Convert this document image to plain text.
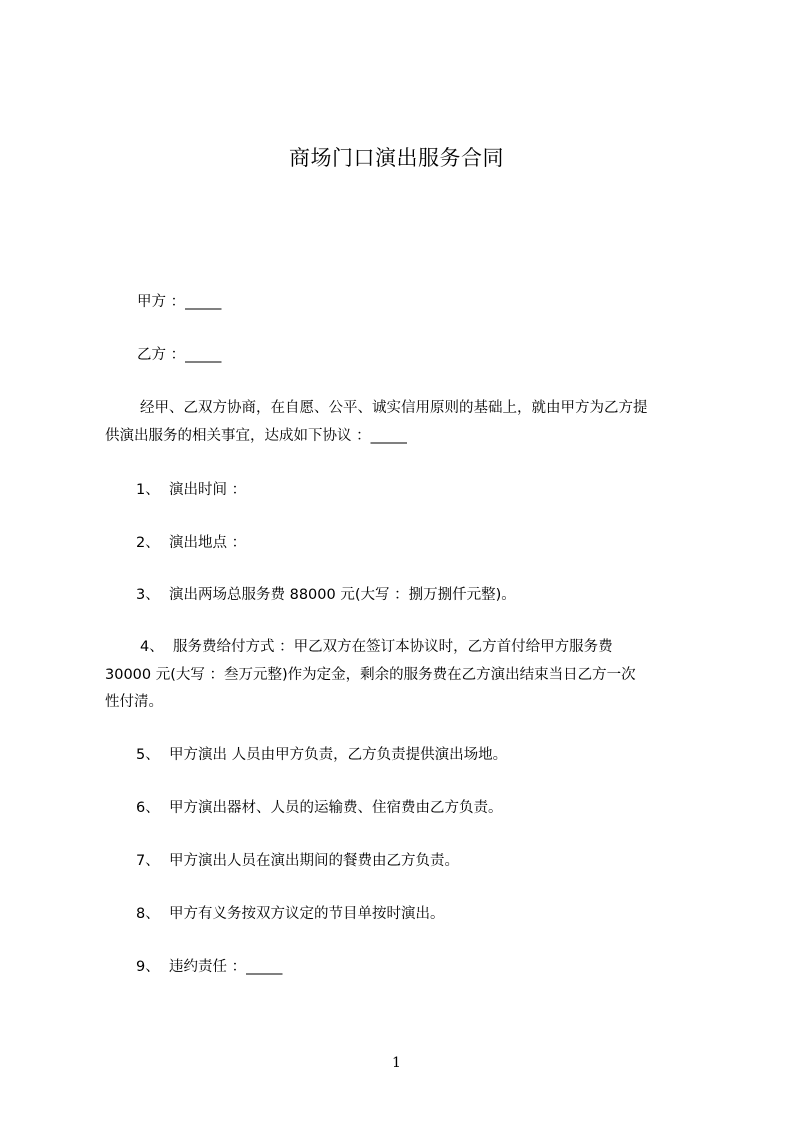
商场门口演出服务合同
甲方 ：_____
乙方 ：_____
经甲、乙双方协商，在自愿、公平、诚实信用原则的基础上，就由甲方为乙方提
供演出服务的相关事宜，达成如下协议 ：_____
1、 演出时间 ：
2、 演出地点 ：
3、 演出两场总服务费 88000 元(大写 ：捌万捌仟元整)。
4、 服务费给付方式 ：甲乙双方在签订本协议时，乙方首付给甲方服务费
30000 元(大写 ：叁万元整)作为定金，剩余的服务费在乙方演出结束当日乙方一次
性付清。
5、 甲方演出 人员由甲方负责，乙方负责提供演出场地。
6、 甲方演出器材、人员的运输费、住宿费由乙方负责。
7、 甲方演出人员在演出期间的餐费由乙方负责。
8、 甲方有义务按双方议定的节目单按时演出。
9、 违约责任 ：_____
1
